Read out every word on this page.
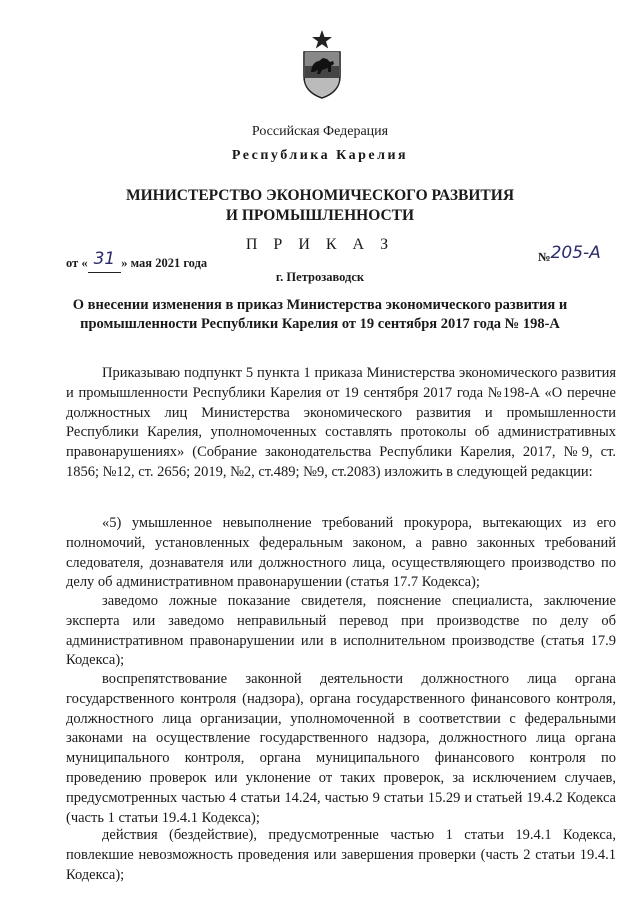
Российская Федерация
Республика Карелия
МИНИСТЕРСТВО ЭКОНОМИЧЕСКОГО РАЗВИТИЯ
И ПРОМЫШЛЕННОСТИ
П Р И К А З
от « 31 » мая 2021 года	№205-А
г. Петрозаводск
О внесении изменения в приказ Министерства экономического развития и
промышленности Республики Карелия от 19 сентября 2017 года № 198-А

Приказываю подпункт 5 пункта 1 приказа Министерства экономического развития и промышленности Республики Карелия от 19 сентября 2017 года №198-А «О перечне должностных лиц Министерства экономического развития и промышленности Республики Карелия, уполномоченных составлять протоколы об административных правонарушениях» (Собрание законодательства Республики Карелия, 2017, №9, ст. 1856; №12, ст. 2656; 2019, №2, ст.489; №9, ст.2083) изложить в следующей редакции:

«5) умышленное невыполнение требований прокурора, вытекающих из его полномочий, установленных федеральным законом, а равно законных требований следователя, дознавателя или должностного лица, осуществляющего производство по делу об административном правонарушении (статья 17.7 Кодекса);

заведомо ложные показание свидетеля, пояснение специалиста, заключение эксперта или заведомо неправильный перевод при производстве по делу об административном правонарушении или в исполнительном производстве (статья 17.9 Кодекса);

воспрепятствование законной деятельности должностного лица органа государственного контроля (надзора), органа государственного финансового контроля, должностного лица организации, уполномоченной в соответствии с федеральными законами на осуществление государственного надзора, должностного лица органа муниципального контроля, органа муниципального финансового контроля по проведению проверок или уклонение от таких проверок, за исключением случаев, предусмотренных частью 4 статьи 14.24, частью 9 статьи 15.29 и статьей 19.4.2 Кодекса (часть 1 статьи 19.4.1 Кодекса);

действия (бездействие), предусмотренные частью 1 статьи 19.4.1 Кодекса, повлекшие невозможность проведения или завершения проверки (часть 2 статьи 19.4.1 Кодекса);
